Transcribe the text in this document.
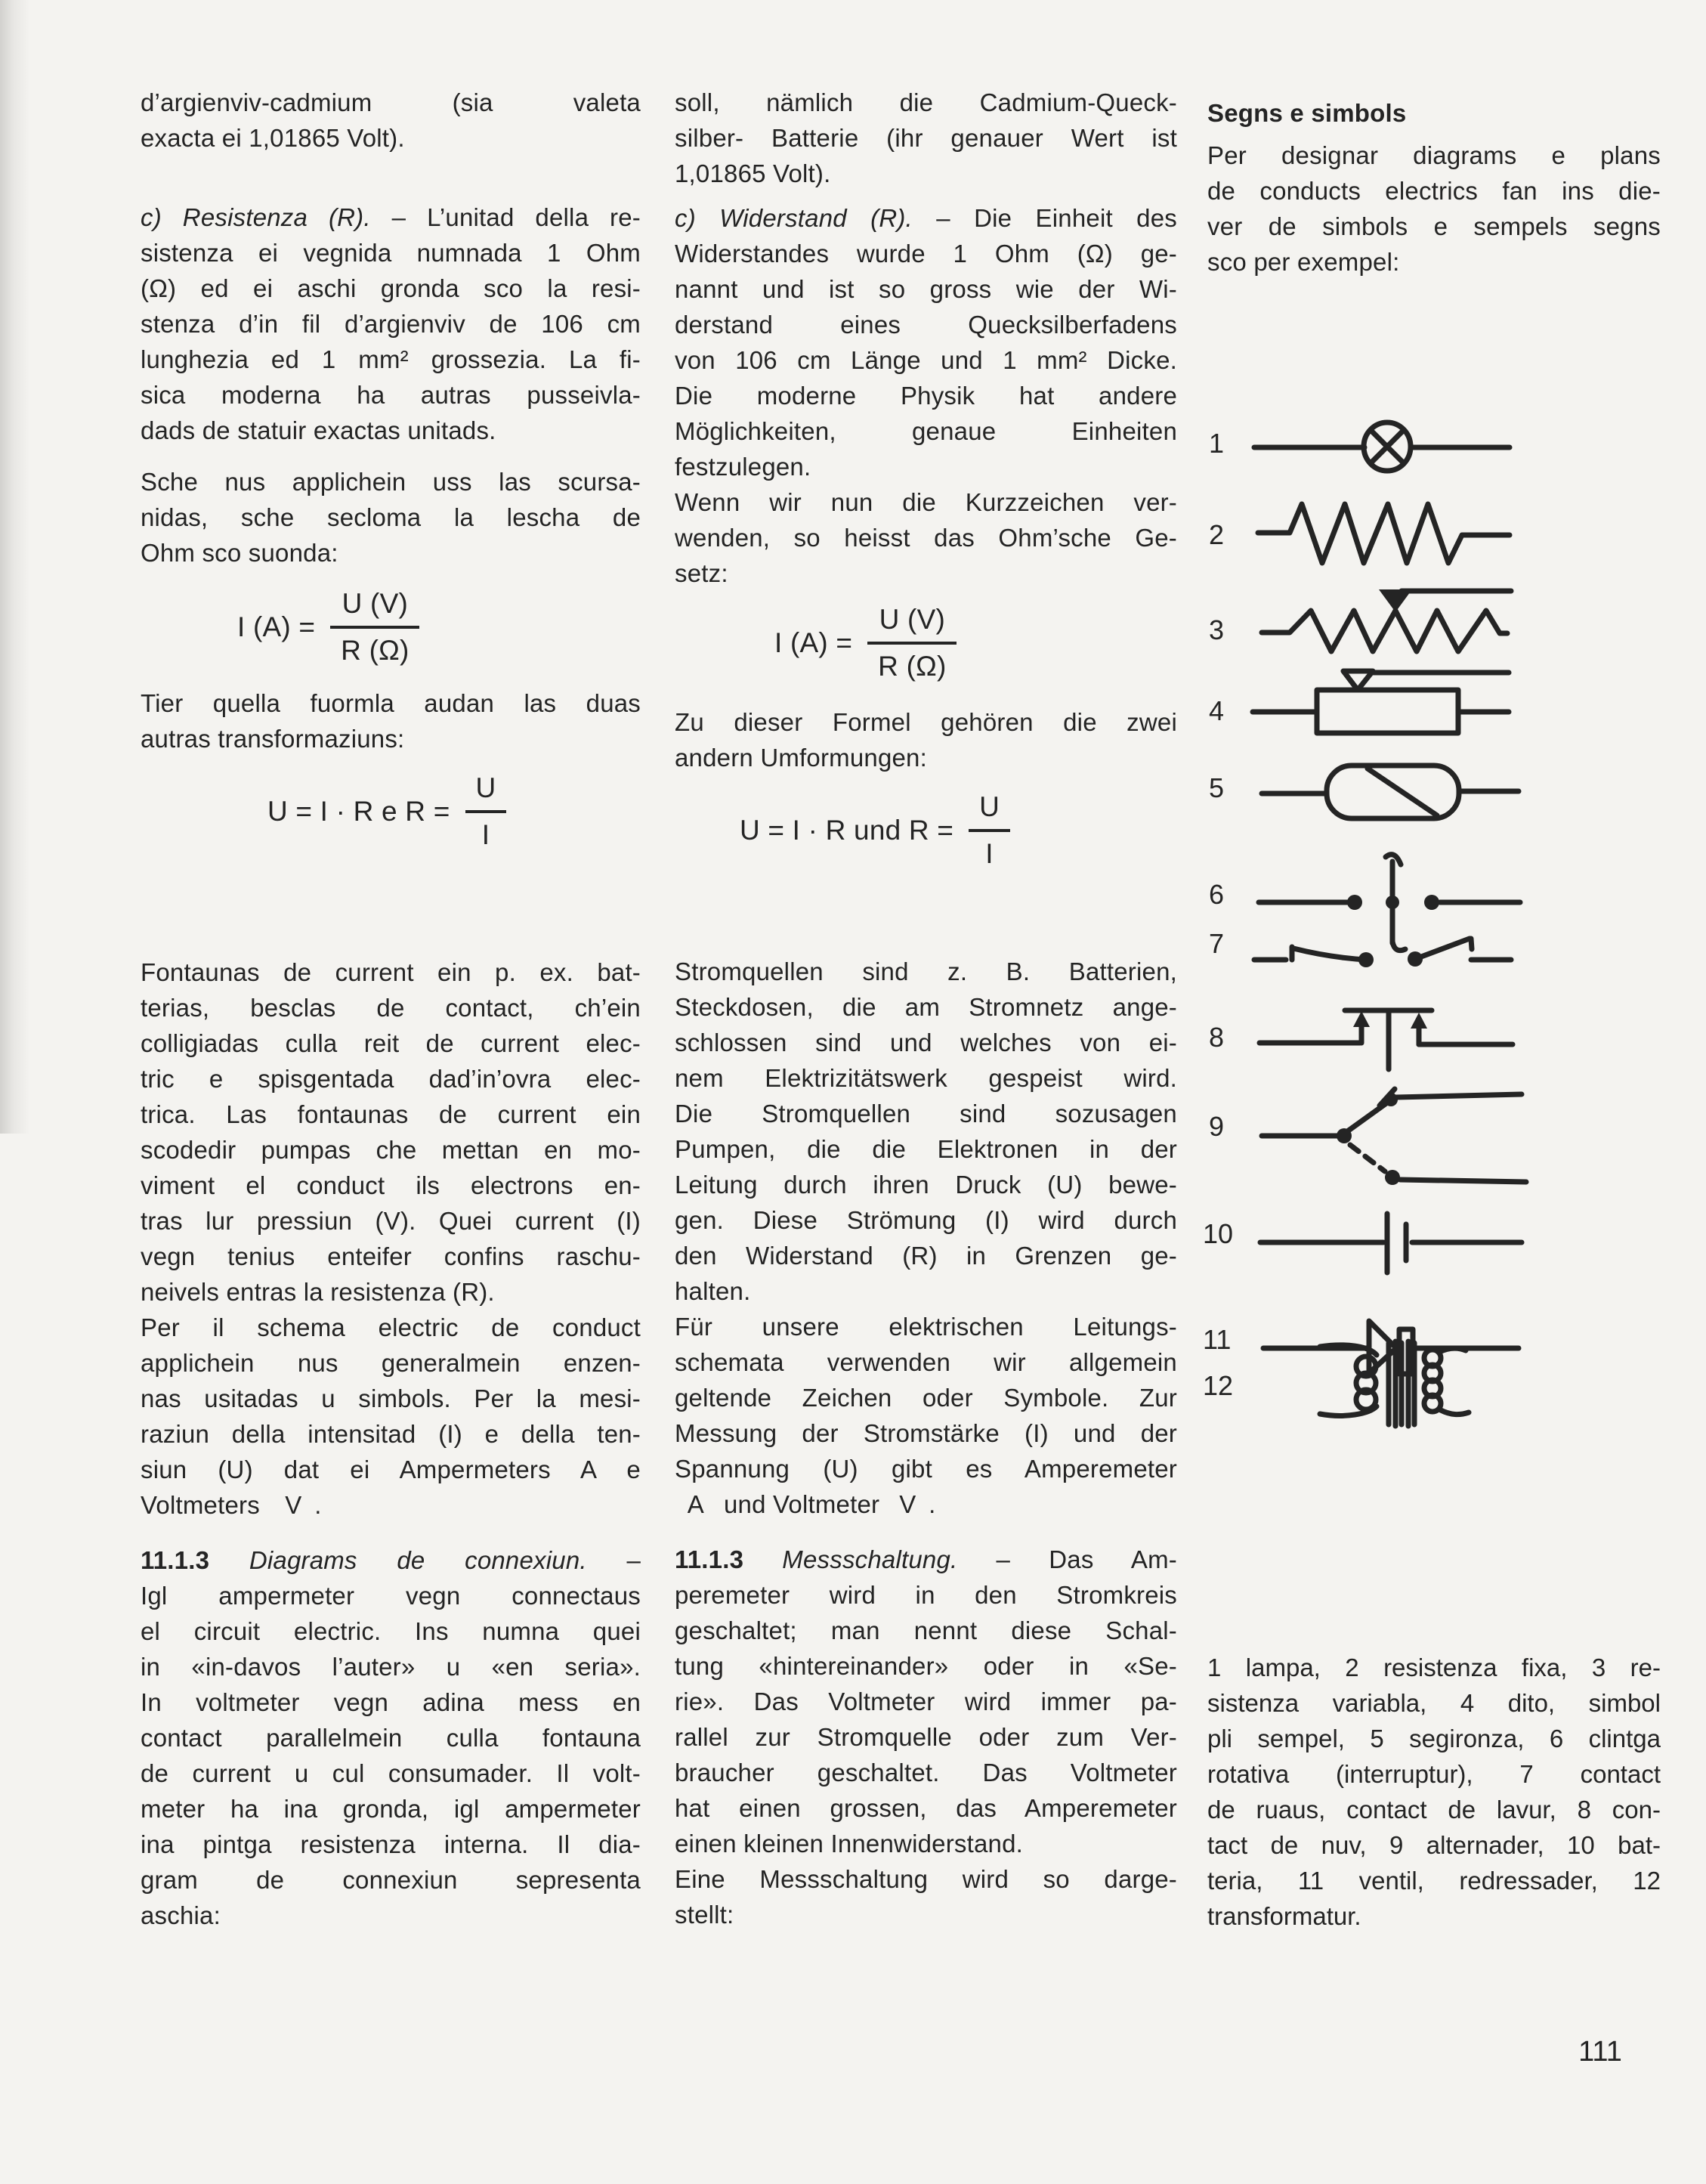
d’argienviv-cadmium (sia valeta
exacta ei 1,01865 Volt).
c) Resistenza (R). – L’unitad della re-
sistenza ei vegnida numnada 1 Ohm
(Ω) ed ei aschi gronda sco la resi-
stenza d’in fil d’argienviv de 106 cm
lunghezia ed 1 mm² grossezia. La fi-
sica moderna ha autras pusseivla-
dads de statuir exactas unitads.
Sche nus applichein uss las scursa-
nidas, sche secloma la lescha de
Ohm sco suonda:
I $(A) = \frac{U (V)}{R (\Omega)}$
Tier quella fuormla audan las duas
autras transformaziuns:
U = I · R e $R = \frac{U}{I}$
Fontaunas de current ein p. ex. bat-
terias, besclas de contact, ch’ein
colligiadas culla reit de current elec-
tric e spisgentada dad’in’ovra elec-
trica. Las fontaunas de current ein
scodedir pumpas che mettan en mo-
viment el conduct ils electrons en-
tras lur pressiun (V). Quei current (I)
vegn tenius enteifer confins raschu-
neivels entras la resistenza (R).
Per il schema electric de conduct
applichein nus generalmein enzen-
nas usitadas u simbols. Per la mesi-
raziun della intensitad (I) e della ten-
siun (U) dat ei Ampermeters A e
Voltmeters  V .
11.1.3 Diagrams de connexiun. –
Igl ampermeter vegn connectaus
el circuit electric. Ins numna quei
in «in-davos l’auter» u «en seria».
In voltmeter vegn adina mess en
contact parallelmein culla fontauna
de current u cul consumader. Il volt-
meter ha ina gronda, igl ampermeter
ina pintga resistenza interna. Il dia-
gram de connexiun sepresenta
aschia:
soll, nämlich die Cadmium-Queck-
silber- Batterie (ihr genauer Wert ist
1,01865 Volt).
c) Widerstand (R). – Die Einheit des
Widerstandes wurde 1 Ohm (Ω) ge-
nannt und ist so gross wie der Wi-
derstand eines Quecksilberfadens
von 106 cm Länge und 1 mm² Dicke.
Die moderne Physik hat andere
Möglichkeiten, genaue Einheiten
festzulegen.
Wenn wir nun die Kurzzeichen ver-
wenden, so heisst das Ohm’sche Ge-
setz:
I $(A) = \frac{U (V)}{R (\Omega)}$
Zu dieser Formel gehören die zwei
andern Umformungen:
U = I · R und $R = \frac{U}{I}$
Stromquellen sind z. B. Batterien,
Steckdosen, die am Stromnetz ange-
schlossen sind und welches von ei-
nem Elektrizitätswerk gespeist wird.
Die Stromquellen sind sozusagen
Pumpen, die die Elektronen in der
Leitung durch ihren Druck (U) bewe-
gen. Diese Strömung (I) wird durch
den Widerstand (R) in Grenzen ge-
halten.
Für unsere elektrischen Leitungs-
schemata verwenden wir allgemein
geltende Zeichen oder Symbole. Zur
Messung der Stromstärke (I) und der
Spannung (U) gibt es Amperemeter
 A  und Voltmeter  V .
11.1.3 Messschaltung. – Das Am-
peremeter wird in den Stromkreis
geschaltet; man nennt diese Schal-
tung «hintereinander» oder in «Se-
rie». Das Voltmeter wird immer pa-
rallel zur Stromquelle oder zum Ver-
braucher geschaltet. Das Voltmeter
hat einen grossen, das Amperemeter
einen kleinen Innenwiderstand.
Eine Messschaltung wird so darge-
stellt:
Segns e simbols
Per designar diagrams e plans
de conducts electrics fan ins die-
ver de simbols e sempels segns
sco per exempel:
1
2
3
4
5
6
7
8
9
10
11
12
1 lampa, 2 resistenza fixa, 3 re-
sistenza variabla, 4 dito, simbol
pli sempel, 5 segironza, 6 clintga
rotativa (interruptur), 7 contact
de ruaus, contact de lavur, 8 con-
tact de nuv, 9 alternader, 10 bat-
teria, 11 ventil, redressader, 12
transformatur.
111
